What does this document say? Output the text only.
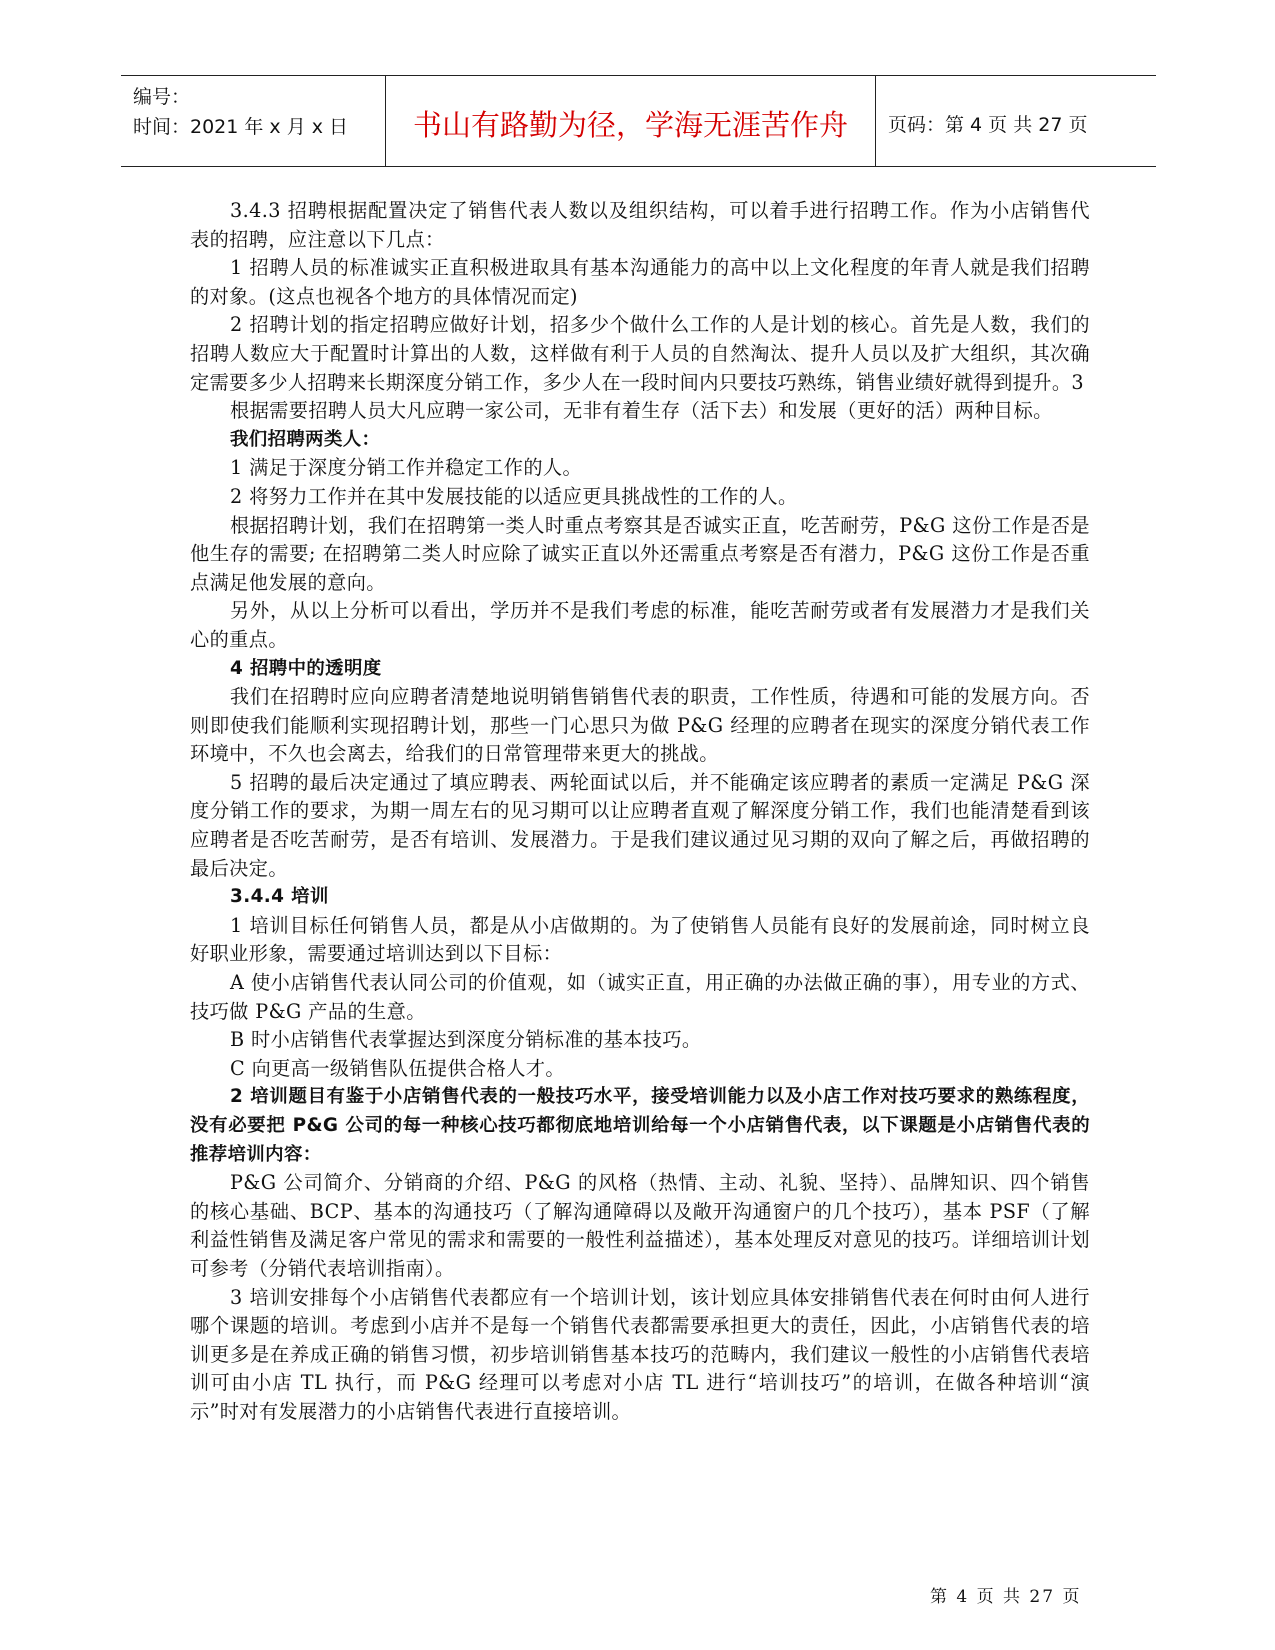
编号：
时间：2021 年 x 月 x 日	书山有路勤为径，学海无涯苦作舟	页码：第 4 页 共 27 页

3.4.3 招聘根据配置决定了销售代表人数以及组织结构，可以着手进行招聘工作。作为小店销售代表的招聘，应注意以下几点：

1 招聘人员的标准诚实正直积极进取具有基本沟通能力的高中以上文化程度的年青人就是我们招聘的对象。(这点也视各个地方的具体情况而定)

2 招聘计划的指定招聘应做好计划，招多少个做什么工作的人是计划的核心。首先是人数，我们的招聘人数应大于配置时计算出的人数，这样做有利于人员的自然淘汰、提升人员以及扩大组织，其次确定需要多少人招聘来长期深度分销工作，多少人在一段时间内只要技巧熟练，销售业绩好就得到提升。3

根据需要招聘人员大凡应聘一家公司，无非有着生存（活下去）和发展（更好的活）两种目标。

我们招聘两类人：

1 满足于深度分销工作并稳定工作的人。

2 将努力工作并在其中发展技能的以适应更具挑战性的工作的人。

根据招聘计划，我们在招聘第一类人时重点考察其是否诚实正直，吃苦耐劳，P&G 这份工作是否是他生存的需要; 在招聘第二类人时应除了诚实正直以外还需重点考察是否有潜力，P&G 这份工作是否重点满足他发展的意向。

另外，从以上分析可以看出，学历并不是我们考虑的标准，能吃苦耐劳或者有发展潜力才是我们关心的重点。

4 招聘中的透明度

我们在招聘时应向应聘者清楚地说明销售销售代表的职责，工作性质，待遇和可能的发展方向。否则即使我们能顺利实现招聘计划，那些一门心思只为做 P&G 经理的应聘者在现实的深度分销代表工作环境中，不久也会离去，给我们的日常管理带来更大的挑战。

5 招聘的最后决定通过了填应聘表、两轮面试以后，并不能确定该应聘者的素质一定满足 P&G 深度分销工作的要求，为期一周左右的见习期可以让应聘者直观了解深度分销工作，我们也能清楚看到该应聘者是否吃苦耐劳，是否有培训、发展潜力。于是我们建议通过见习期的双向了解之后，再做招聘的最后决定。

3.4.4 培训

1 培训目标任何销售人员，都是从小店做期的。为了使销售人员能有良好的发展前途，同时树立良好职业形象，需要通过培训达到以下目标：

A 使小店销售代表认同公司的价值观，如（诚实正直，用正确的办法做正确的事），用专业的方式、技巧做 P&G 产品的生意。

B 时小店销售代表掌握达到深度分销标准的基本技巧。

C 向更高一级销售队伍提供合格人才。

2 培训题目有鉴于小店销售代表的一般技巧水平，接受培训能力以及小店工作对技巧要求的熟练程度，没有必要把 P&G 公司的每一种核心技巧都彻底地培训给每一个小店销售代表，以下课题是小店销售代表的推荐培训内容：

P&G 公司简介、分销商的介绍、P&G 的风格（热情、主动、礼貌、坚持）、品牌知识、四个销售的核心基础、BCP、基本的沟通技巧（了解沟通障碍以及敞开沟通窗户的几个技巧），基本 PSF（了解利益性销售及满足客户常见的需求和需要的一般性利益描述），基本处理反对意见的技巧。详细培训计划可参考（分销代表培训指南）。

3 培训安排每个小店销售代表都应有一个培训计划，该计划应具体安排销售代表在何时由何人进行哪个课题的培训。考虑到小店并不是每一个销售代表都需要承担更大的责任，因此，小店销售代表的培训更多是在养成正确的销售习惯，初步培训销售基本技巧的范畴内，我们建议一般性的小店销售代表培训可由小店 TL 执行，而 P&G 经理可以考虑对小店 TL 进行“培训技巧”的培训，在做各种培训“演示”时对有发展潜力的小店销售代表进行直接培训。

第 4 页 共 27 页
